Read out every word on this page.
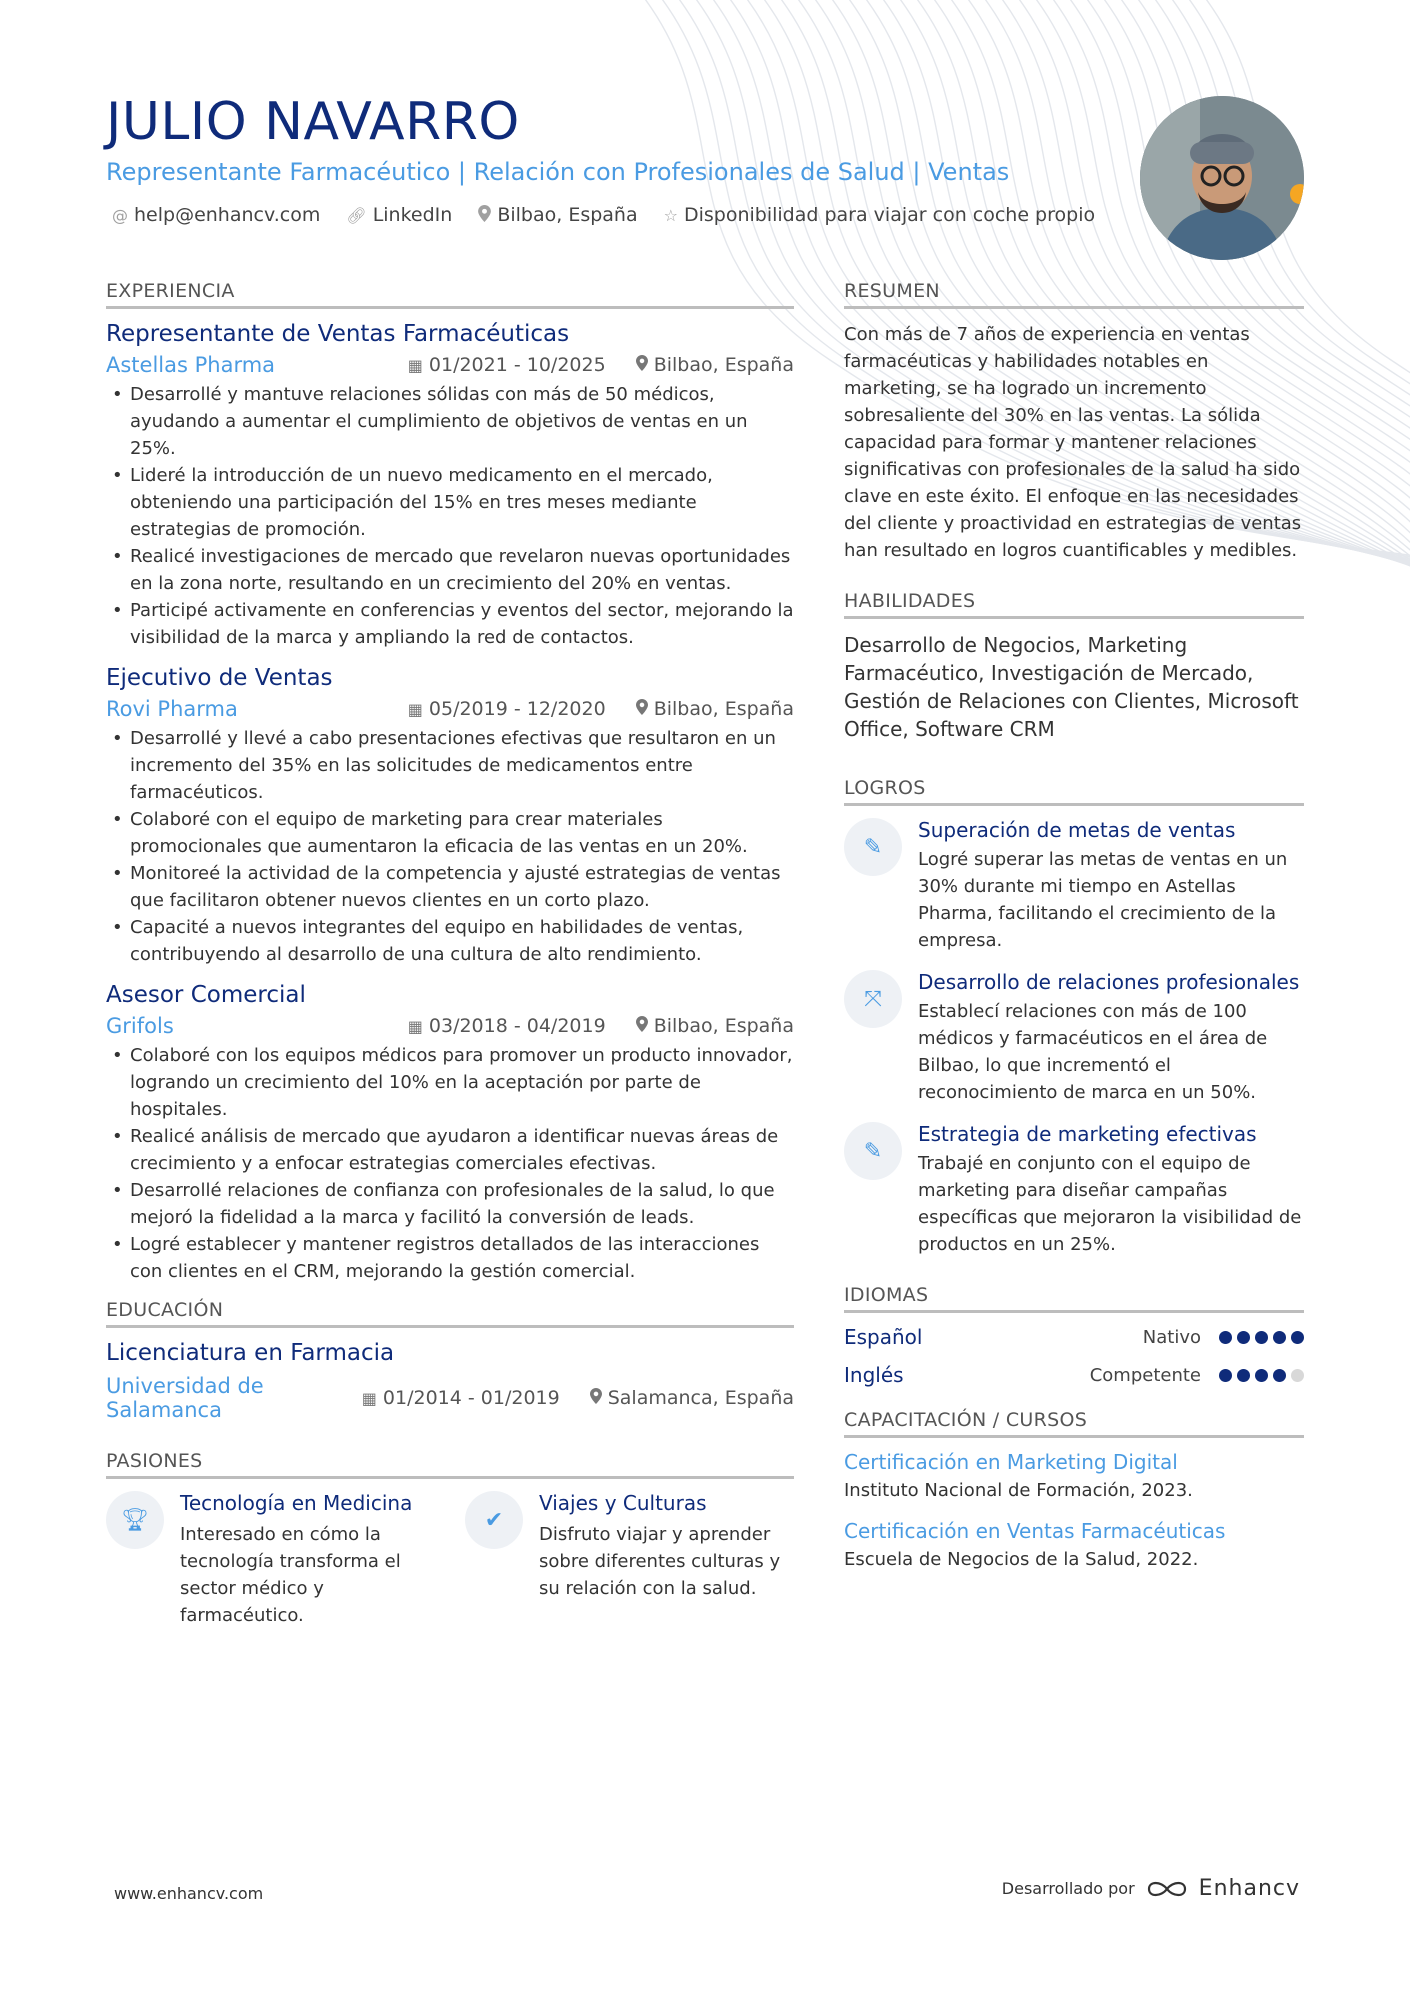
JULIO NAVARRO
Representante Farmacéutico | Relación con Profesionales de Salud | Ventas
@ help@enhancv.com 🔗︎ LinkedIn Bilbao, España ☆ Disponibilidad para viajar con coche propio
EXPERIENCIA
Representante de Ventas Farmacéuticas
Astellas Pharma	▦ 01/2021 - 10/2025	Bilbao, España
• Desarrollé y mantuve relaciones sólidas con más de 50 médicos, ayudando a aumentar el cumplimiento de objetivos de ventas en un 25%.
• Lideré la introducción de un nuevo medicamento en el mercado, obteniendo una participación del 15% en tres meses mediante estrategias de promoción.
• Realicé investigaciones de mercado que revelaron nuevas oportunidades en la zona norte, resultando en un crecimiento del 20% en ventas.
• Participé activamente en conferencias y eventos del sector, mejorando la visibilidad de la marca y ampliando la red de contactos.
Ejecutivo de Ventas
Rovi Pharma	▦ 05/2019 - 12/2020	Bilbao, España
• Desarrollé y llevé a cabo presentaciones efectivas que resultaron en un incremento del 35% en las solicitudes de medicamentos entre farmacéuticos.
• Colaboré con el equipo de marketing para crear materiales promocionales que aumentaron la eficacia de las ventas en un 20%.
• Monitoreé la actividad de la competencia y ajusté estrategias de ventas que facilitaron obtener nuevos clientes en un corto plazo.
• Capacité a nuevos integrantes del equipo en habilidades de ventas, contribuyendo al desarrollo de una cultura de alto rendimiento.
Asesor Comercial
Grifols	▦ 03/2018 - 04/2019	Bilbao, España
• Colaboré con los equipos médicos para promover un producto innovador, logrando un crecimiento del 10% en la aceptación por parte de hospitales.
• Realicé análisis de mercado que ayudaron a identificar nuevas áreas de crecimiento y a enfocar estrategias comerciales efectivas.
• Desarrollé relaciones de confianza con profesionales de la salud, lo que mejoró la fidelidad a la marca y facilitó la conversión de leads.
• Logré establecer y mantener registros detallados de las interacciones con clientes en el CRM, mejorando la gestión comercial.
EDUCACIÓN
Licenciatura en Farmacia
Universidad de Salamanca	▦ 01/2014 - 01/2019	Salamanca, España
PASIONES
🏆︎
Tecnología en Medicina
Interesado en cómo la tecnología transforma el sector médico y farmacéutico.
✔
Viajes y Culturas
Disfruto viajar y aprender sobre diferentes culturas y su relación con la salud.
RESUMEN
Con más de 7 años de experiencia en ventas farmacéuticas y habilidades notables en marketing, se ha logrado un incremento sobresaliente del 30% en las ventas. La sólida capacidad para formar y mantener relaciones significativas con profesionales de la salud ha sido clave en este éxito. El enfoque en las necesidades del cliente y proactividad en estrategias de ventas han resultado en logros cuantificables y medibles.
HABILIDADES
Desarrollo de Negocios, Marketing Farmacéutico, Investigación de Mercado, Gestión de Relaciones con Clientes, Microsoft Office, Software CRM
LOGROS
✎
Superación de metas de ventas
Logré superar las metas de ventas en un 30% durante mi tiempo en Astellas Pharma, facilitando el crecimiento de la empresa.
⤧
Desarrollo de relaciones profesionales
Establecí relaciones con más de 100 médicos y farmacéuticos en el área de Bilbao, lo que incrementó el reconocimiento de marca en un 50%.
✎
Estrategia de marketing efectivas
Trabajé en conjunto con el equipo de marketing para diseñar campañas específicas que mejoraron la visibilidad de productos en un 25%.
IDIOMAS
Español	Nativo
Inglés	Competente
CAPACITACIÓN / CURSOS
Certificación en Marketing Digital
Instituto Nacional de Formación, 2023.
Certificación en Ventas Farmacéuticas
Escuela de Negocios de la Salud, 2022.
www.enhancv.com	Desarrollado por	Enhancv
